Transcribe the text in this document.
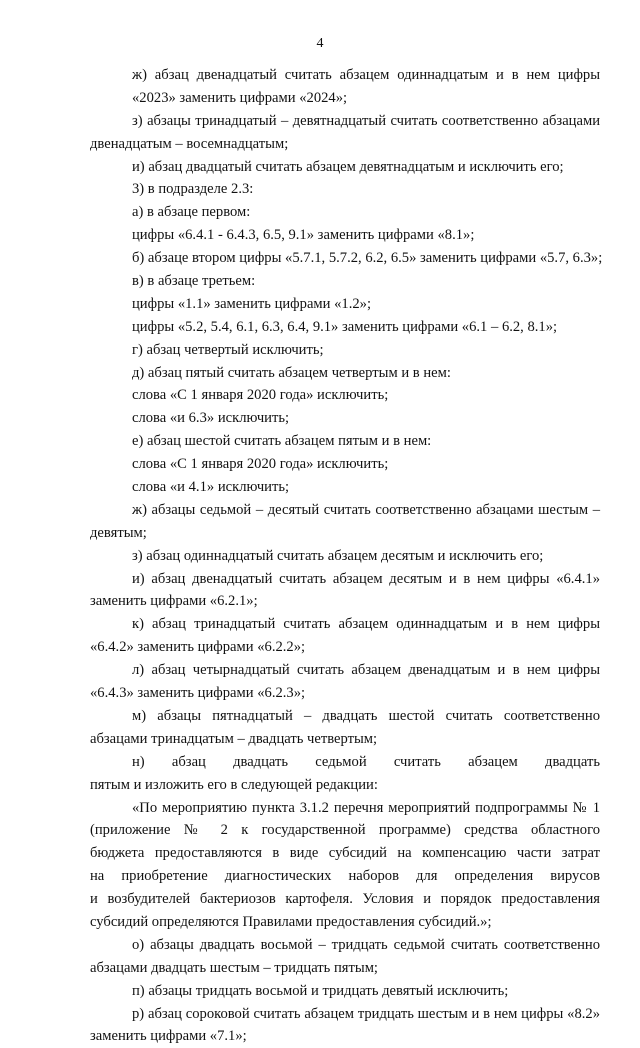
4
ж) абзац двенадцатый считать абзацем одиннадцатым и в нем цифры
«2023» заменить цифрами «2024»;
з) абзацы тринадцатый – девятнадцатый считать соответственно абзацами
двенадцатым – восемнадцатым;
и) абзац двадцатый считать абзацем девятнадцатым и исключить его;
3) в подразделе 2.3:
а) в абзаце первом:
цифры «6.4.1 - 6.4.3, 6.5, 9.1» заменить цифрами «8.1»;
б) абзаце втором цифры «5.7.1, 5.7.2, 6.2, 6.5» заменить цифрами «5.7, 6.3»;
в) в абзаце третьем:
цифры «1.1» заменить цифрами «1.2»;
цифры «5.2, 5.4, 6.1, 6.3, 6.4, 9.1» заменить цифрами «6.1 – 6.2, 8.1»;
г) абзац четвертый исключить;
д) абзац пятый считать абзацем четвертым и в нем:
слова «С 1 января 2020 года» исключить;
слова «и 6.3» исключить;
е) абзац шестой считать абзацем пятым и в нем:
слова «С 1 января 2020 года» исключить;
слова «и 4.1» исключить;
ж) абзацы седьмой – десятый считать соответственно абзацами шестым –
девятым;
з) абзац одиннадцатый считать абзацем десятым и исключить его;
и) абзац двенадцатый считать абзацем десятым и в нем цифры «6.4.1»
заменить цифрами «6.2.1»;
к) абзац тринадцатый считать абзацем одиннадцатым и в нем цифры
«6.4.2» заменить цифрами «6.2.2»;
л) абзац четырнадцатый считать абзацем двенадцатым и в нем цифры
«6.4.3» заменить цифрами «6.2.3»;
м) абзацы пятнадцатый – двадцать шестой считать соответственно
абзацами тринадцатым – двадцать четвертым;
н) абзац двадцать седьмой считать абзацем двадцать
пятым и изложить его в следующей редакции:
«По мероприятию пункта 3.1.2 перечня мероприятий подпрограммы № 1
(приложение № 2 к государственной программе) средства областного
бюджета предоставляются в виде субсидий на компенсацию части затрат
на приобретение диагностических наборов для определения вирусов
и возбудителей бактериозов картофеля. Условия и порядок предоставления
субсидий определяются Правилами предоставления субсидий.»;
о) абзацы двадцать восьмой – тридцать седьмой считать соответственно
абзацами двадцать шестым – тридцать пятым;
п) абзацы тридцать восьмой и тридцать девятый исключить;
р) абзац сороковой считать абзацем тридцать шестым и в нем цифры «8.2»
заменить цифрами «7.1»;
